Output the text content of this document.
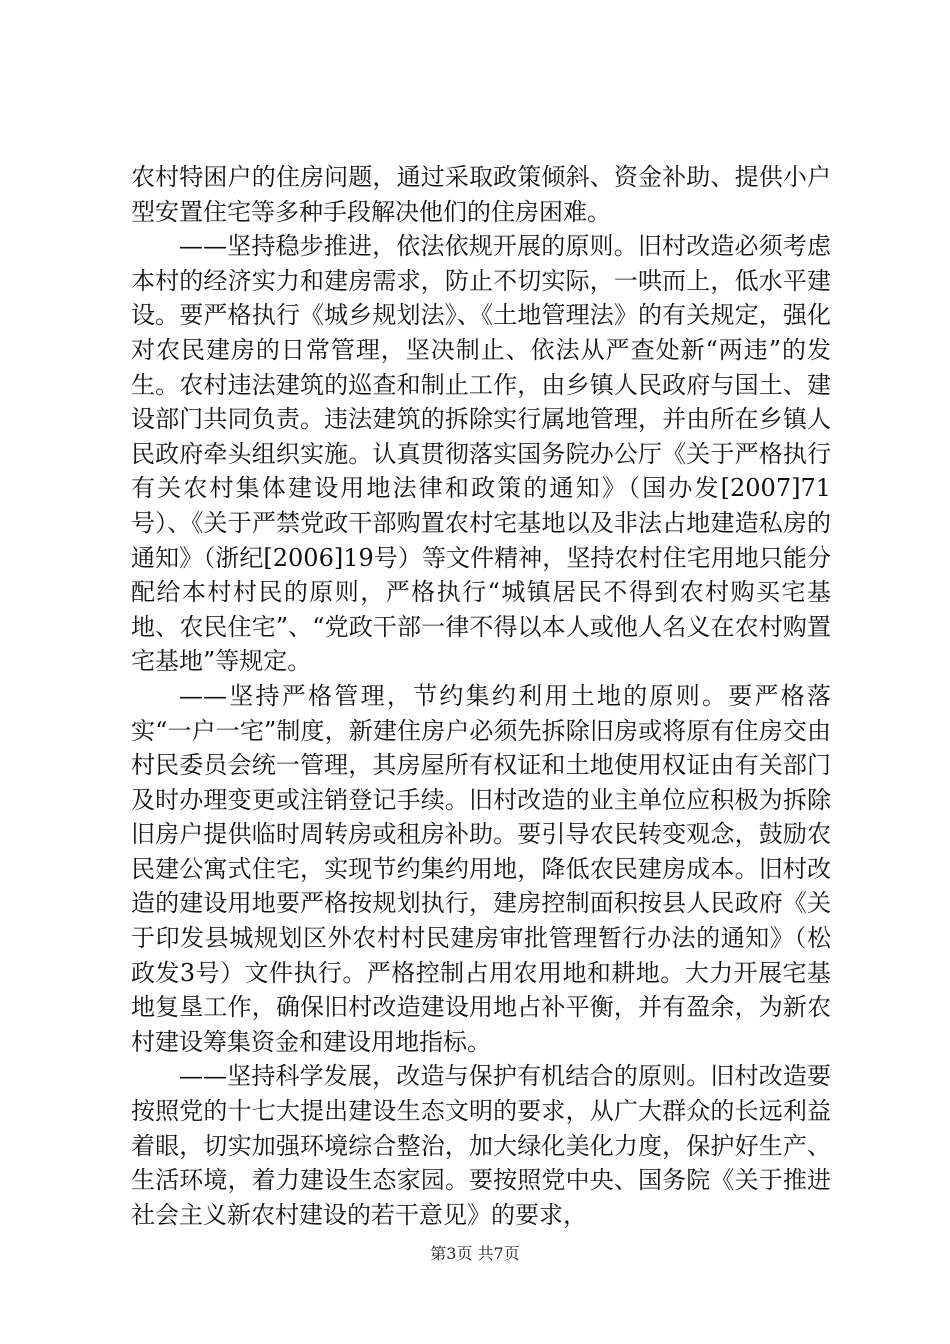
农村特困户的住房问题，通过采取政策倾斜、资金补助、提供小户型安置住宅等多种手段解决他们的住房困难。

——坚持稳步推进，依法依规开展的原则。旧村改造必须考虑本村的经济实力和建房需求，防止不切实际，一哄而上，低水平建设。要严格执行《城乡规划法》、《土地管理法》的有关规定，强化对农民建房的日常管理，坚决制止、依法从严查处新“两违”的发生。农村违法建筑的巡查和制止工作，由乡镇人民政府与国土、建设部门共同负责。违法建筑的拆除实行属地管理，并由所在乡镇人民政府牵头组织实施。认真贯彻落实国务院办公厅《关于严格执行有关农村集体建设用地法律和政策的通知》（国办发[2007]71号）、《关于严禁党政干部购置农村宅基地以及非法占地建造私房的通知》（浙纪[2006]19号）等文件精神，坚持农村住宅用地只能分配给本村村民的原则，严格执行“城镇居民不得到农村购买宅基地、农民住宅”、“党政干部一律不得以本人或他人名义在农村购置宅基地”等规定。

——坚持严格管理，节约集约利用土地的原则。要严格落实“一户一宅”制度，新建住房户必须先拆除旧房或将原有住房交由村民委员会统一管理，其房屋所有权证和土地使用权证由有关部门及时办理变更或注销登记手续。旧村改造的业主单位应积极为拆除旧房户提供临时周转房或租房补助。要引导农民转变观念，鼓励农民建公寓式住宅，实现节约集约用地，降低农民建房成本。旧村改造的建设用地要严格按规划执行，建房控制面积按县人民政府《关于印发县城规划区外农村村民建房审批管理暂行办法的通知》（松政发3号）文件执行。严格控制占用农用地和耕地。大力开展宅基地复垦工作，确保旧村改造建设用地占补平衡，并有盈余，为新农村建设筹集资金和建设用地指标。

——坚持科学发展，改造与保护有机结合的原则。旧村改造要按照党的十七大提出建设生态文明的要求，从广大群众的长远利益着眼，切实加强环境综合整治，加大绿化美化力度，保护好生产、生活环境，着力建设生态家园。要按照党中央、国务院《关于推进社会主义新农村建设的若干意见》的要求，

第3页 共7页
